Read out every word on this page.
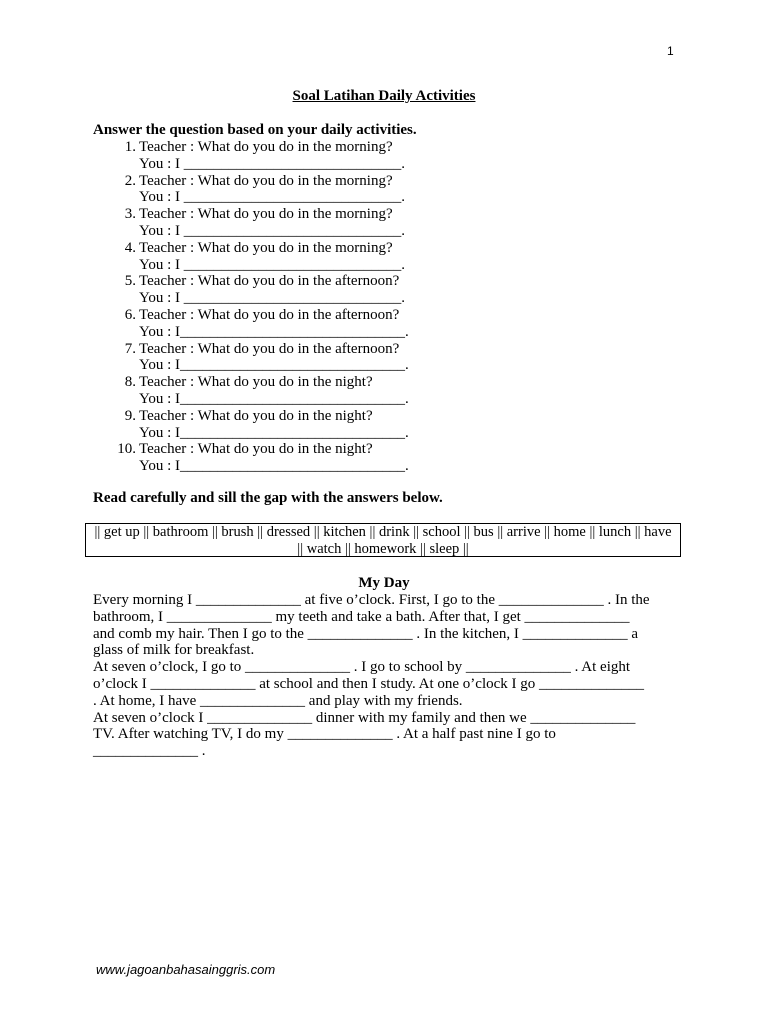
1
Soal Latihan Daily Activities
Answer the question based on your daily activities.
1. Teacher : What do you do in the morning?
You : I _____________________________.
2. Teacher : What do you do in the morning?
You : I _____________________________.
3. Teacher : What do you do in the morning?
You : I _____________________________.
4. Teacher : What do you do in the morning?
You : I _____________________________.
5. Teacher : What do you do in the afternoon?
You : I _____________________________.
6. Teacher : What do you do in the afternoon?
You : I______________________________.
7. Teacher : What do you do in the afternoon?
You : I______________________________.
8. Teacher : What do you do in the night?
You : I______________________________.
9. Teacher : What do you do in the night?
You : I______________________________.
10. Teacher : What do you do in the night?
You : I______________________________.
Read carefully and sill the gap with the answers below.
|| get up || bathroom || brush || dressed || kitchen || drink || school || bus || arrive || home || lunch || have || watch || homework || sleep ||
My Day
Every morning I ______________ at five o’clock. First, I go to the ______________ . In the
bathroom, I ______________ my teeth and take a bath. After that, I get ______________
and comb my hair. Then I go to the ______________ . In the kitchen, I ______________ a
glass of milk for breakfast.
At seven o’clock, I go to ______________ . I go to school by ______________ . At eight
o’clock I ______________ at school and then I study. At one o’clock I go ______________
. At home, I have ______________ and play with my friends.
At seven o’clock I ______________ dinner with my family and then we ______________
TV. After watching TV, I do my ______________ . At a half past nine I go to
______________ .
www.jagoanbahasainggris.com
